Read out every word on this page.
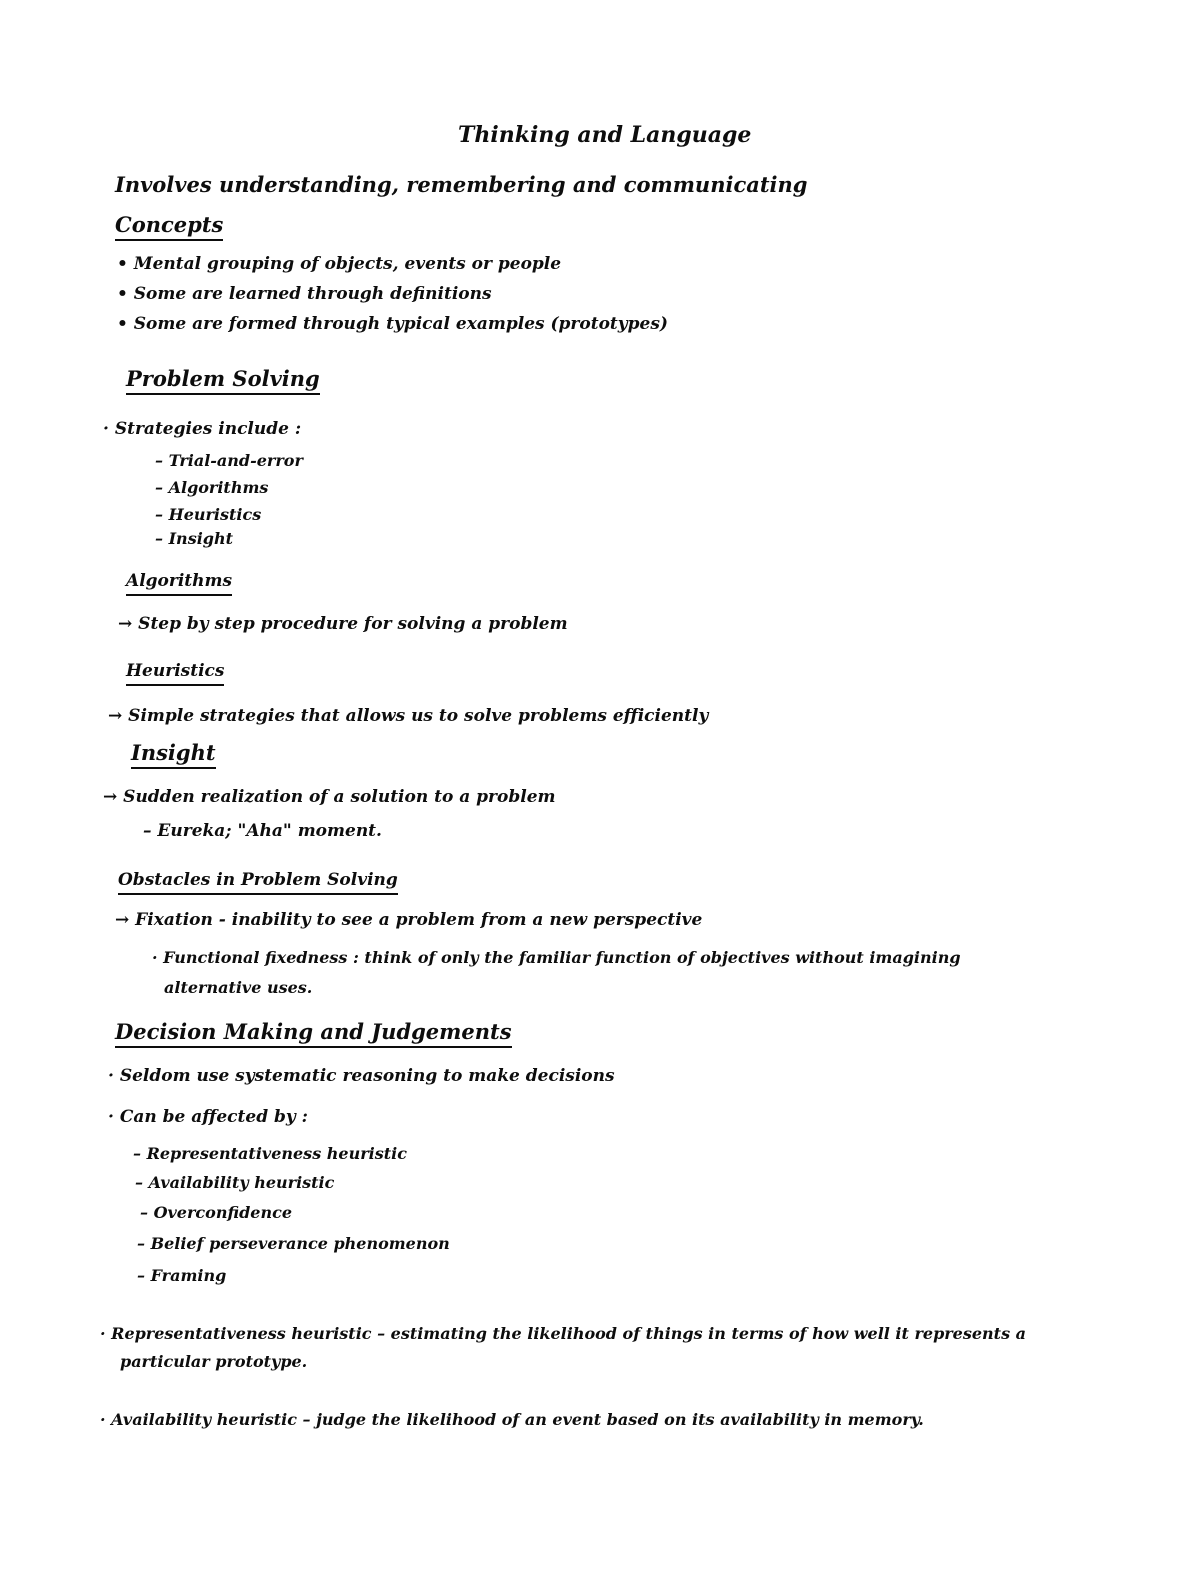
Thinking and Language
Involves understanding, remembering and communicating
Concepts
• Mental grouping of objects, events or people
• Some are learned through definitions
• Some are formed through typical examples (prototypes)
Problem Solving
· Strategies include :
– Trial-and-error
– Algorithms
– Heuristics
– Insight
Algorithms
→ Step by step procedure for solving a problem
Heuristics
→ Simple strategies that allows us to solve problems efficiently
Insight
→ Sudden realization of a solution to a problem
– Eureka; "Aha" moment.
Obstacles in Problem Solving
→ Fixation - inability to see a problem from a new perspective
· Functional fixedness : think of only the familiar function of objectives without imagining
alternative uses.
Decision Making and Judgements
· Seldom use systematic reasoning to make decisions
· Can be affected by :
– Representativeness heuristic
– Availability heuristic
– Overconfidence
– Belief perseverance phenomenon
– Framing
· Representativeness heuristic – estimating the likelihood of things in terms of how well it represents a
particular prototype.
· Availability heuristic – judge the likelihood of an event based on its availability in memory.
